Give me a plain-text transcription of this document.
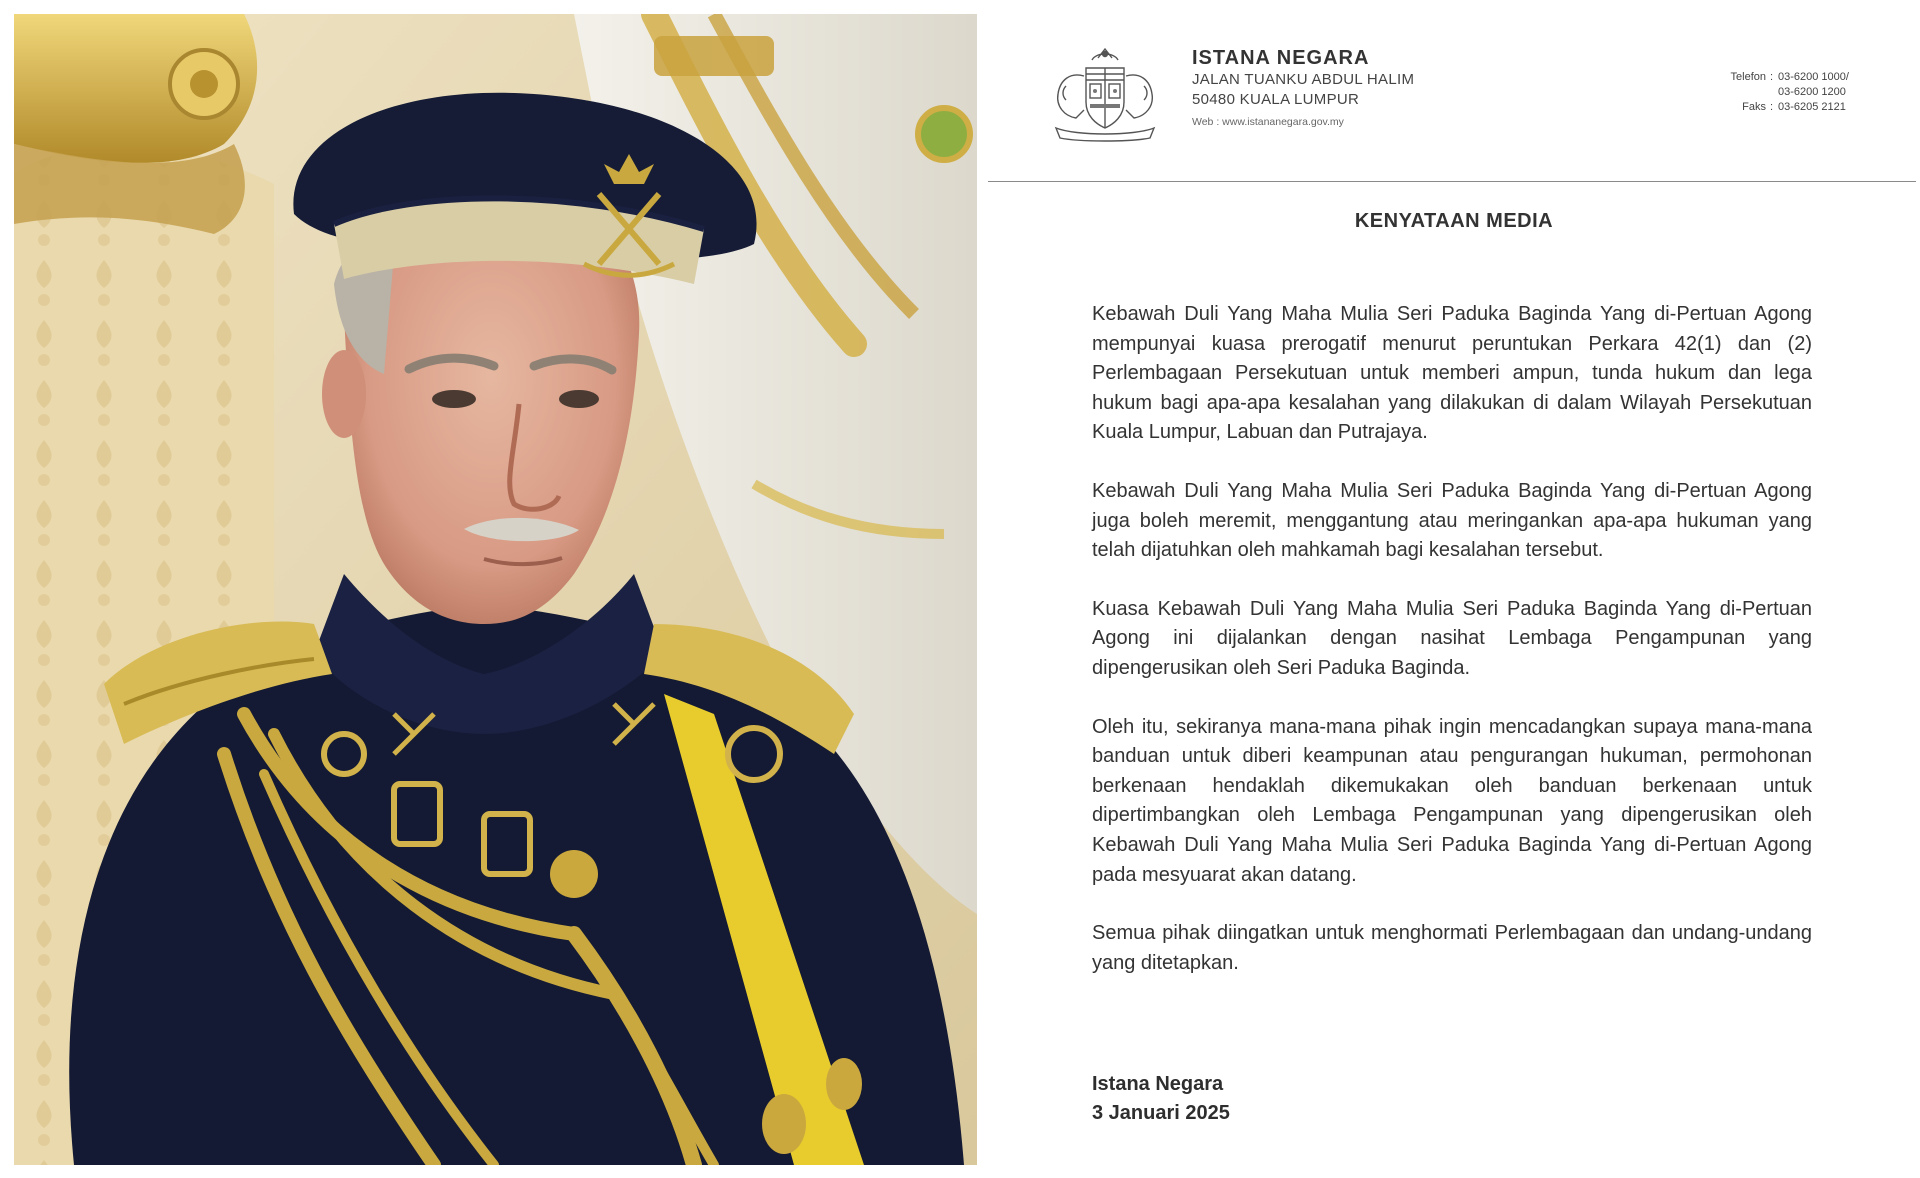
ISTANA NEGARA
JALAN TUANKU ABDUL HALIM
50480 KUALA LUMPUR
Web : www.istananegara.gov.my
Telefon : 03-6200 1000/
03-6200 1200
Faks : 03-6205 2121
KENYATAAN MEDIA

Kebawah Duli Yang Maha Mulia Seri Paduka Baginda Yang di-Pertuan Agong mempunyai kuasa prerogatif menurut peruntukan Perkara 42(1) dan (2) Perlembagaan Persekutuan untuk memberi ampun, tunda hukum dan lega hukum bagi apa-apa kesalahan yang dilakukan di dalam Wilayah Persekutuan Kuala Lumpur, Labuan dan Putrajaya.

Kebawah Duli Yang Maha Mulia Seri Paduka Baginda Yang di-Pertuan Agong juga boleh meremit, menggantung atau meringankan apa-apa hukuman yang telah dijatuhkan oleh mahkamah bagi kesalahan tersebut.

Kuasa Kebawah Duli Yang Maha Mulia Seri Paduka Baginda Yang di-Pertuan Agong ini dijalankan dengan nasihat Lembaga Pengampunan yang dipengerusikan oleh Seri Paduka Baginda.

Oleh itu, sekiranya mana-mana pihak ingin mencadangkan supaya mana-mana banduan untuk diberi keampunan atau pengurangan hukuman, permohonan berkenaan hendaklah dikemukakan oleh banduan berkenaan untuk dipertimbangkan oleh Lembaga Pengampunan yang dipengerusikan oleh Kebawah Duli Yang Maha Mulia Seri Paduka Baginda Yang di-Pertuan Agong pada mesyuarat akan datang.

Semua pihak diingatkan untuk menghormati Perlembagaan dan undang-undang yang ditetapkan.

Istana Negara
3 Januari 2025
